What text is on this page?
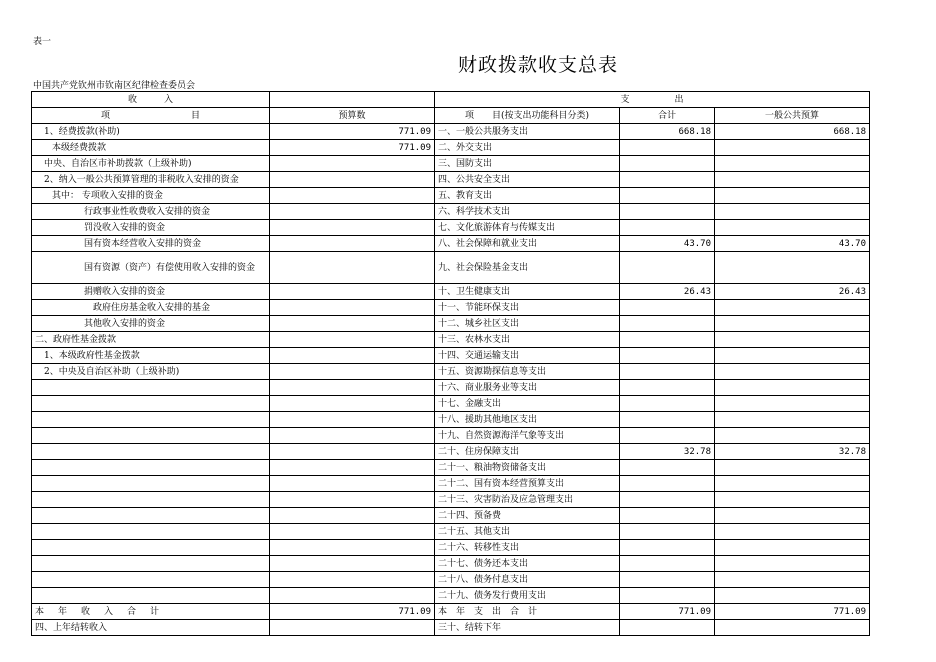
表一
财政拨款收支总表
中国共产党钦州市钦南区纪律检查委员会
收　　　入		支　　　　　出		
项　　　　　　　　　目	预算数	项　　目(按支出功能科目分类)	合计	一般公共预算
1、经费拨款(补助)	771.09	一、一般公共服务支出	668.18	668.18
本级经费拨款	771.09	二、外交支出		
中央、自治区市补助拨款（上级补助)		三、国防支出		
2、纳入一般公共预算管理的非税收入安排的资金		四、公共安全支出		
其中： 专项收入安排的资金		五、教育支出		
行政事业性收费收入安排的资金		六、科学技术支出		
罚没收入安排的资金		七、文化旅游体育与传媒支出		
国有资本经营收入安排的资金		八、社会保障和就业支出	43.70	43.70
国有资源（资产）有偿使用收入安排的资金		九、社会保险基金支出		
捐赠收入安排的资金		十、卫生健康支出	26.43	26.43
政府住房基金收入安排的基金		十一、节能环保支出		
其他收入安排的资金		十二、城乡社区支出		
二、政府性基金拨款		十三、农林水支出		
1、本级政府性基金拨款		十四、交通运输支出		
2、中央及自治区补助（上级补助)		十五、资源勘探信息等支出		
		十六、商业服务业等支出		
		十七、金融支出		
		十八、援助其他地区支出		
		十九、自然资源海洋气象等支出		
		二十、住房保障支出	32.78	32.78
		二十一、粮油物资储备支出		
		二十二、国有资本经营预算支出		
		二十三、灾害防治及应急管理支出		
		二十四、预备费		
		二十五、其他支出		
		二十六、转移性支出		
		二十七、债务还本支出		
		二十八、债务付息支出		
		二十九、债务发行费用支出		
本年收入合计	771.09	本年支出合计	771.09	771.09
四、上年结转收入		三十、结转下年		
